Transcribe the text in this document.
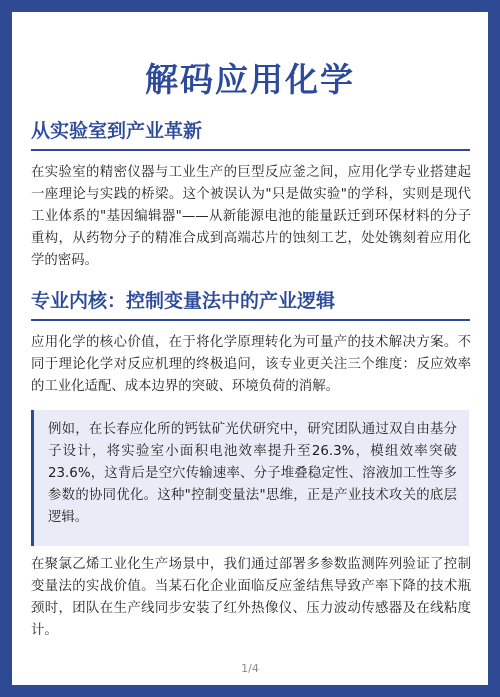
解码应用化学
从实验室到产业革新

在实验室的精密仪器与工业生产的巨型反应釜之间，应用化学专业搭建起一座理论与实践的桥梁。这个被误认为"只是做实验"的学科，实则是现代工业体系的"基因编辑器"——从新能源电池的能量跃迁到环保材料的分子重构，从药物分子的精准合成到高端芯片的蚀刻工艺，处处镌刻着应用化学的密码。

专业内核：控制变量法中的产业逻辑

应用化学的核心价值，在于将化学原理转化为可量产的技术解决方案。不同于理论化学对反应机理的终极追问，该专业更关注三个维度：反应效率的工业化适配、成本边界的突破、环境负荷的消解。

例如，在长春应化所的钙钛矿光伏研究中，研究团队通过双自由基分子设计，将实验室小面积电池效率提升至26.3%，模组效率突破23.6%，这背后是空穴传输速率、分子堆叠稳定性、溶液加工性等多参数的协同优化。这种"控制变量法"思维，正是产业技术攻关的底层逻辑。

在聚氯乙烯工业化生产场景中，我们通过部署多参数监测阵列验证了控制变量法的实战价值。当某石化企业面临反应釜结焦导致产率下降的技术瓶颈时，团队在生产线同步安装了红外热像仪、压力波动传感器及在线粘度计。

1/4
